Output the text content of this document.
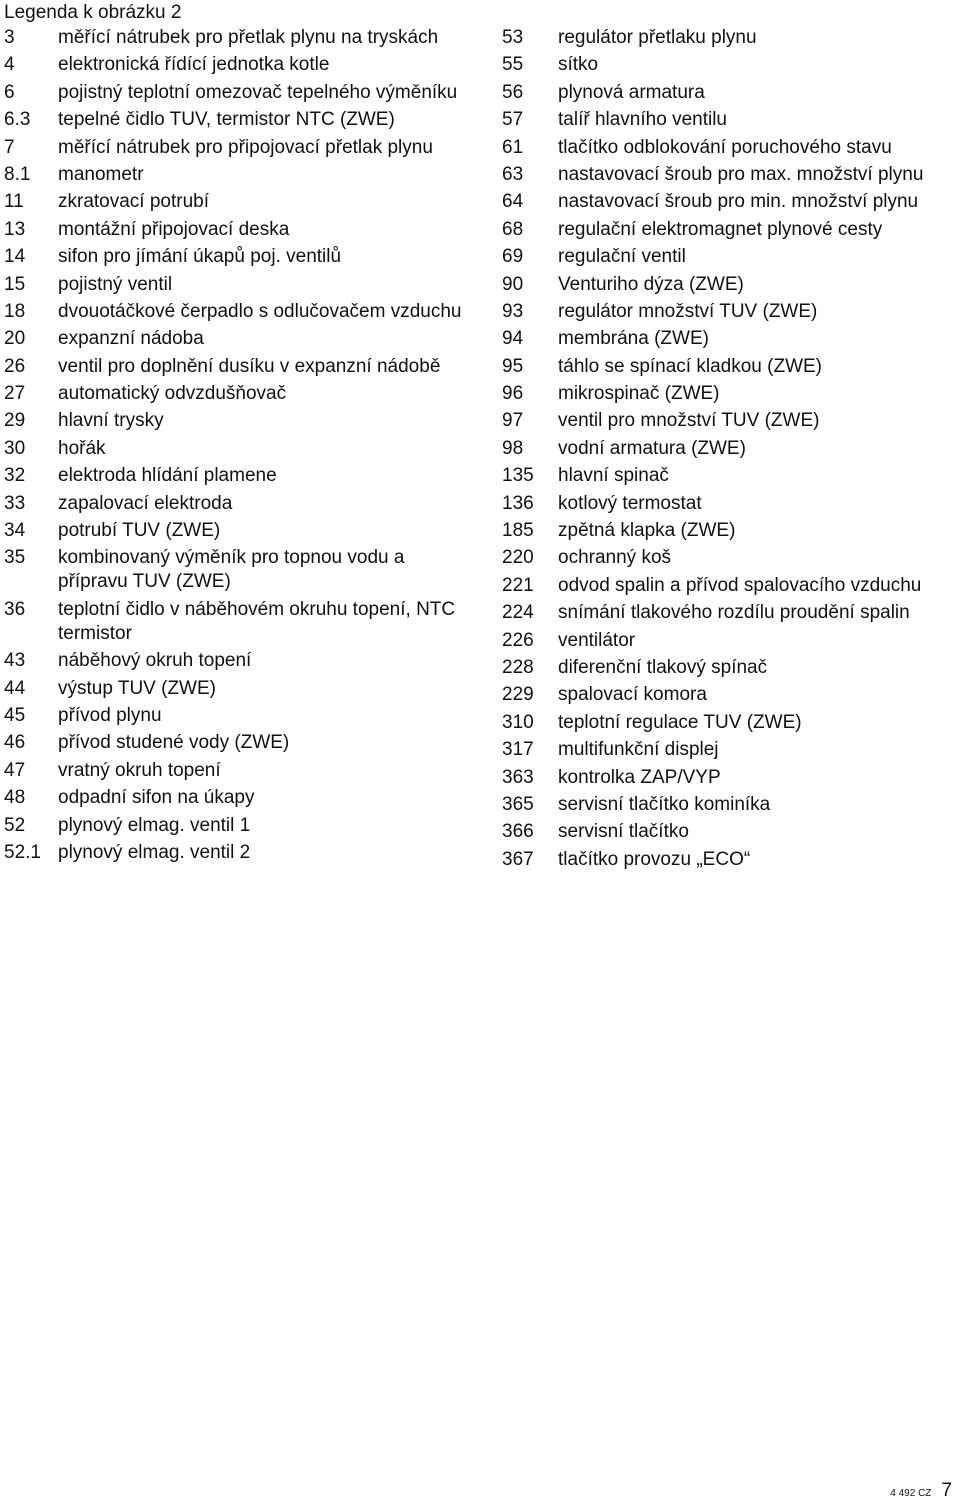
Legenda k obrázku 2
3	měřící nátrubek pro přetlak plynu na tryskách
4	elektronická řídící jednotka kotle
6	pojistný teplotní omezovač tepelného výměníku
6.3	tepelné čidlo TUV, termistor NTC (ZWE)
7	měřící nátrubek pro připojovací přetlak plynu
8.1	manometr
11	zkratovací potrubí
13	montážní připojovací deska
14	sifon pro jímání úkapů poj. ventilů
15	pojistný ventil
18	dvouotáčkové čerpadlo s odlučovačem vzduchu
20	expanzní nádoba
26	ventil pro doplnění dusíku v expanzní nádobě
27	automatický odvzdušňovač
29	hlavní trysky
30	hořák
32	elektroda hlídání plamene
33	zapalovací elektroda
34	potrubí TUV (ZWE)
35	kombinovaný výměník pro topnou vodu a přípravu TUV (ZWE)
36	teplotní čidlo v náběhovém okruhu topení, NTC termistor
43	náběhový okruh topení
44	výstup TUV (ZWE)
45	přívod plynu
46	přívod studené vody (ZWE)
47	vratný okruh topení
48	odpadní sifon na úkapy
52	plynový elmag. ventil 1
52.1 plynový elmag. ventil 2
53	regulátor přetlaku plynu
55	sítko
56	plynová armatura
57	talíř hlavního ventilu
61	tlačítko odblokování poruchového stavu
63	nastavovací šroub pro max. množství plynu
64	nastavovací šroub pro min. množství plynu
68	regulační elektromagnet plynové cesty
69	regulační ventil
90	Venturiho dýza (ZWE)
93	regulátor množství TUV (ZWE)
94	membrána (ZWE)
95	táhlo se spínací kladkou (ZWE)
96	mikrospinač (ZWE)
97	ventil pro množství TUV (ZWE)
98	vodní armatura (ZWE)
135	hlavní spinač
136	kotlový termostat
185	zpětná klapka (ZWE)
220	ochranný koš
221	odvod spalin a přívod spalovacího vzduchu
224	snímání tlakového rozdílu proudění spalin
226	ventilátor
228	diferenční tlakový spínač
229	spalovací komora
310	teplotní regulace TUV (ZWE)
317	multifunkční displej
363	kontrolka ZAP/VYP
365	servisní tlačítko kominíka
366	servisní tlačítko
367	tlačítko provozu „ECO“
4 492 CZ 7
